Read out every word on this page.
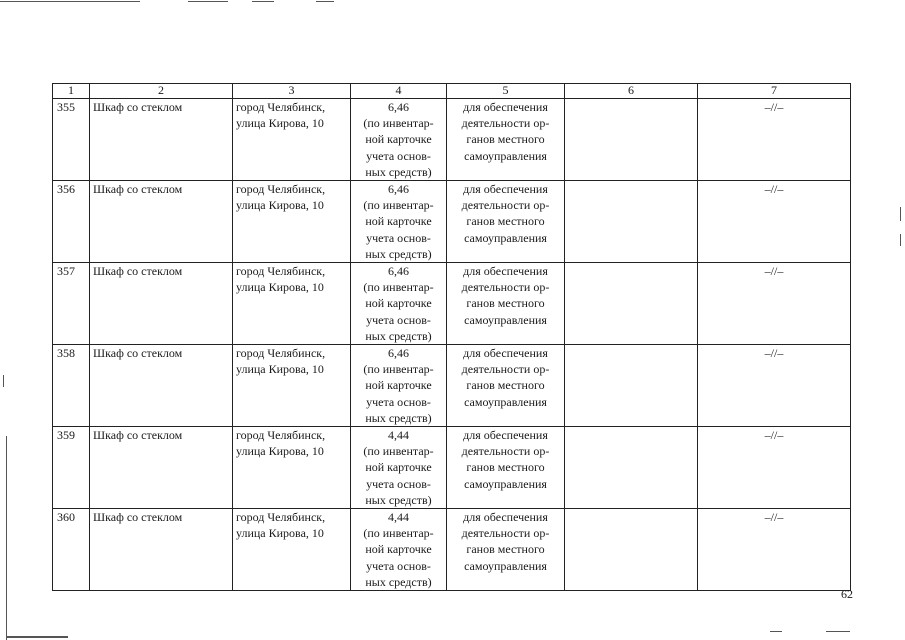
1	2	3	4	5	6	7
355	Шкаф со стеклом	город Челябинск,
улица Кирова, 10	6,46
(по инвентар-
ной карточке
учета основ-
ных средств)	для обеспечения
деятельности ор-
ганов местного
самоуправления		–//–
356	Шкаф со стеклом	город Челябинск,
улица Кирова, 10	6,46
(по инвентар-
ной карточке
учета основ-
ных средств)	для обеспечения
деятельности ор-
ганов местного
самоуправления		–//–
357	Шкаф со стеклом	город Челябинск,
улица Кирова, 10	6,46
(по инвентар-
ной карточке
учета основ-
ных средств)	для обеспечения
деятельности ор-
ганов местного
самоуправления		–//–
358	Шкаф со стеклом	город Челябинск,
улица Кирова, 10	6,46
(по инвентар-
ной карточке
учета основ-
ных средств)	для обеспечения
деятельности ор-
ганов местного
самоуправления		–//–
359	Шкаф со стеклом	город Челябинск,
улица Кирова, 10	4,44
(по инвентар-
ной карточке
учета основ-
ных средств)	для обеспечения
деятельности ор-
ганов местного
самоуправления		–//–
360	Шкаф со стеклом	город Челябинск,
улица Кирова, 10	4,44
(по инвентар-
ной карточке
учета основ-
ных средств)	для обеспечения
деятельности ор-
ганов местного
самоуправления		–//–
62
